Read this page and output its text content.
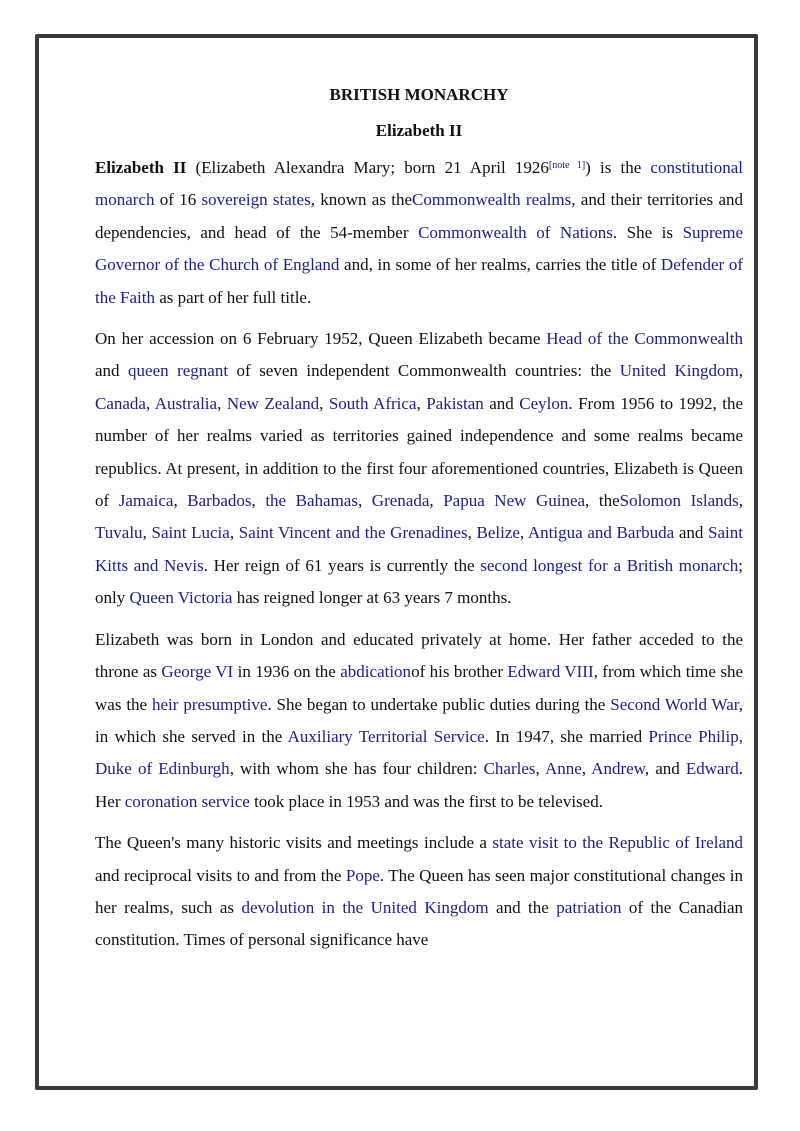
BRITISH MONARCHY
Elizabeth II

Elizabeth II (Elizabeth Alexandra Mary; born 21 April 1926[note 1]) is the constitutional monarch of 16 sovereign states, known as theCommonwealth realms, and their territories and dependencies, and head of the 54-member Commonwealth of Nations. She is Supreme Governor of the Church of England and, in some of her realms, carries the title of Defender of the Faith as part of her full title.

On her accession on 6 February 1952, Queen Elizabeth became Head of the Commonwealth and queen regnant of seven independent Commonwealth countries: the United Kingdom, Canada, Australia, New Zealand, South Africa, Pakistan and Ceylon. From 1956 to 1992, the number of her realms varied as territories gained independence and some realms became republics. At present, in addition to the first four aforementioned countries, Elizabeth is Queen of Jamaica, Barbados, the Bahamas, Grenada, Papua New Guinea, theSolomon Islands, Tuvalu, Saint Lucia, Saint Vincent and the Grenadines, Belize, Antigua and Barbuda and Saint Kitts and Nevis. Her reign of 61 years is currently the second longest for a British monarch; only Queen Victoria has reigned longer at 63 years 7 months.

Elizabeth was born in London and educated privately at home. Her father acceded to the throne as George VI in 1936 on the abdicationof his brother Edward VIII, from which time she was the heir presumptive. She began to undertake public duties during the Second World War, in which she served in the Auxiliary Territorial Service. In 1947, she married Prince Philip, Duke of Edinburgh, with whom she has four children: Charles, Anne, Andrew, and Edward. Her coronation service took place in 1953 and was the first to be televised.

The Queen's many historic visits and meetings include a state visit to the Republic of Ireland and reciprocal visits to and from the Pope. The Queen has seen major constitutional changes in her realms, such as devolution in the United Kingdom and the patriation of the Canadian constitution. Times of personal significance have
